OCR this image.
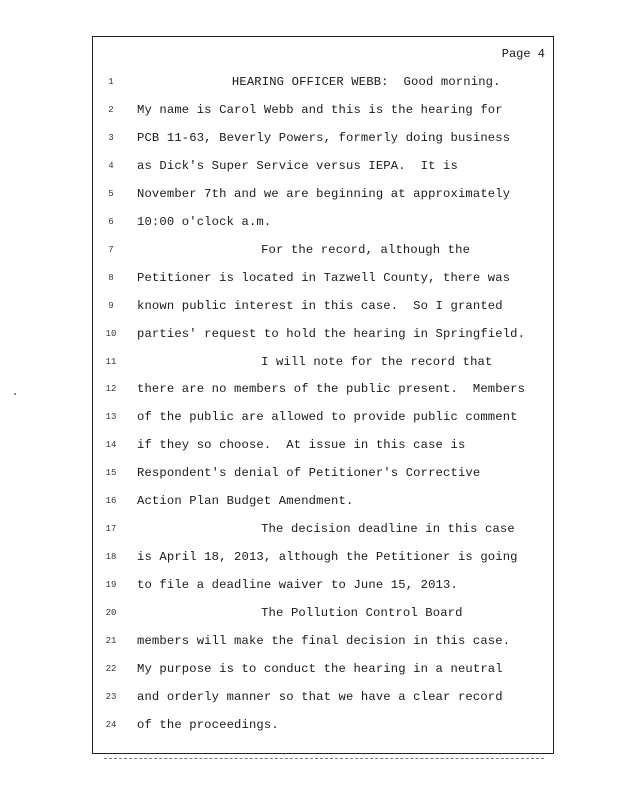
Page 4
1	HEARING OFFICER WEBB:  Good morning.
2	My name is Carol Webb and this is the hearing for
3	PCB 11-63, Beverly Powers, formerly doing business
4	as Dick's Super Service versus IEPA.  It is
5	November 7th and we are beginning at approximately
6	10:00 o'clock a.m.
7	For the record, although the
8	Petitioner is located in Tazwell County, there was
9	known public interest in this case.  So I granted
10	parties' request to hold the hearing in Springfield.
11	I will note for the record that
12	there are no members of the public present.  Members
13	of the public are allowed to provide public comment
14	if they so choose.  At issue in this case is
15	Respondent's denial of Petitioner's Corrective
16	Action Plan Budget Amendment.
17	The decision deadline in this case
18	is April 18, 2013, although the Petitioner is going
19	to file a deadline waiver to June 15, 2013.
20	The Pollution Control Board
21	members will make the final decision in this case.
22	My purpose is to conduct the hearing in a neutral
23	and orderly manner so that we have a clear record
24	of the proceedings.
